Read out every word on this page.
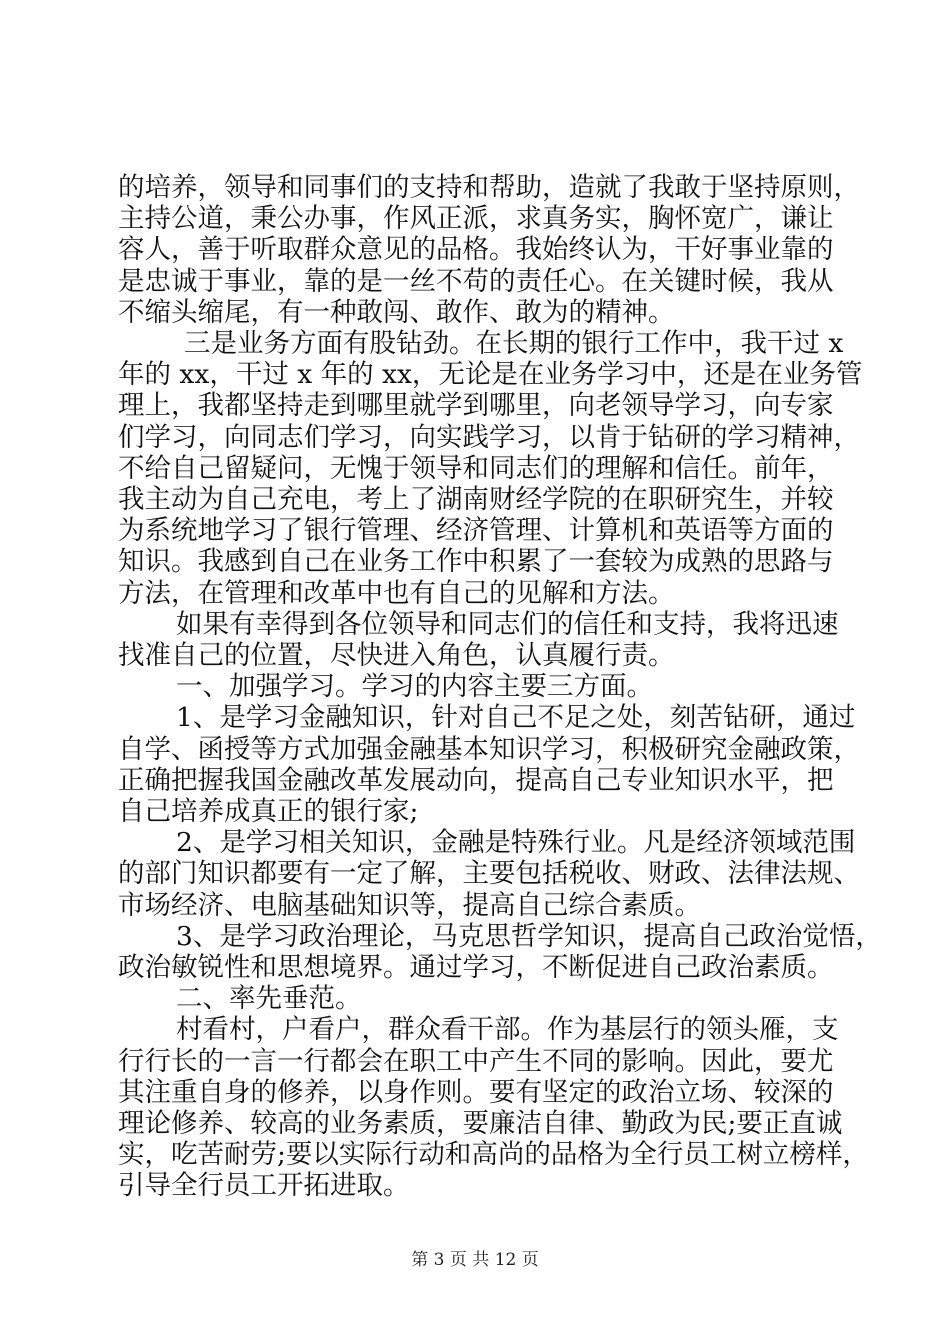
的培养，领导和同事们的支持和帮助，造就了我敢于坚持原则，
主持公道，秉公办事，作风正派，求真务实，胸怀宽广，谦让
容人，善于听取群众意见的品格。我始终认为，干好事业靠的
是忠诚于事业，靠的是一丝不苟的责任心。在关键时候，我从
不缩头缩尾，有一种敢闯、敢作、敢为的精神。
三是业务方面有股钻劲。在长期的银行工作中，我干过 x
年的 xx，干过 x 年的 xx，无论是在业务学习中，还是在业务管
理上，我都坚持走到哪里就学到哪里，向老领导学习，向专家
们学习，向同志们学习，向实践学习，以肯于钻研的学习精神，
不给自己留疑问，无愧于领导和同志们的理解和信任。前年，
我主动为自己充电，考上了湖南财经学院的在职研究生，并较
为系统地学习了银行管理、经济管理、计算机和英语等方面的
知识。我感到自己在业务工作中积累了一套较为成熟的思路与
方法，在管理和改革中也有自己的见解和方法。
如果有幸得到各位领导和同志们的信任和支持，我将迅速
找准自己的位置，尽快进入角色，认真履行责。
一、加强学习。学习的内容主要三方面。
1、是学习金融知识，针对自己不足之处，刻苦钻研，通过
自学、函授等方式加强金融基本知识学习，积极研究金融政策，
正确把握我国金融改革发展动向，提高自己专业知识水平，把
自己培养成真正的银行家;
2、是学习相关知识，金融是特殊行业。凡是经济领域范围
的部门知识都要有一定了解，主要包括税收、财政、法律法规、
市场经济、电脑基础知识等，提高自己综合素质。
3、是学习政治理论，马克思哲学知识，提高自己政治觉悟，
政治敏锐性和思想境界。通过学习，不断促进自己政治素质。
二、率先垂范。
村看村，户看户，群众看干部。作为基层行的领头雁，支
行行长的一言一行都会在职工中产生不同的影响。因此，要尤
其注重自身的修养，以身作则。要有坚定的政治立场、较深的
理论修养、较高的业务素质，要廉洁自律、勤政为民;要正直诚
实，吃苦耐劳;要以实际行动和高尚的品格为全行员工树立榜样，
引导全行员工开拓进取。
第 3 页 共 12 页
